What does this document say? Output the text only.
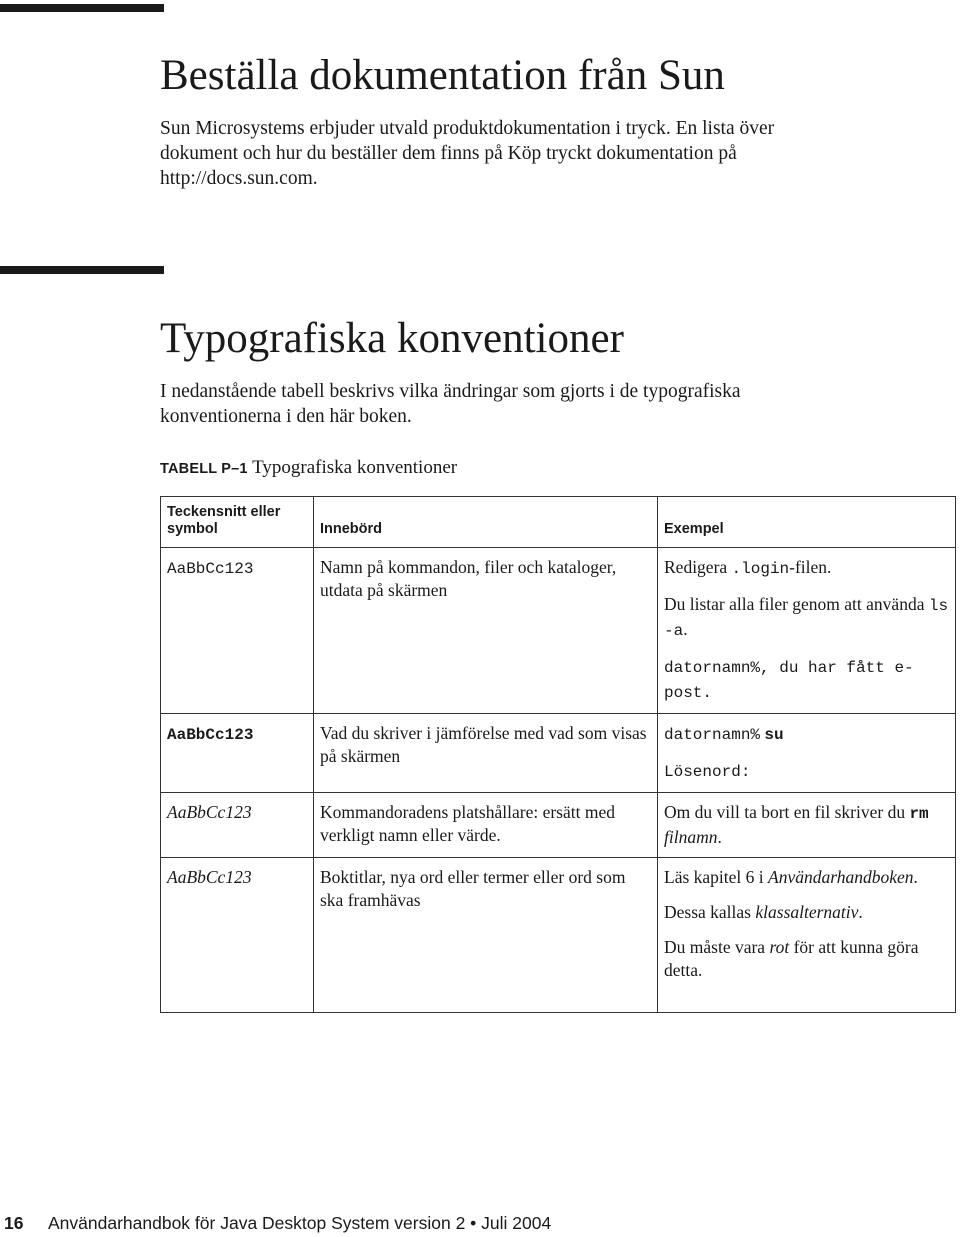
Beställa dokumentation från Sun

Sun Microsystems erbjuder utvald produktdokumentation i tryck. En lista över
dokument och hur du beställer dem finns på Köp tryckt dokumentation på
http://docs.sun.com.

Typografiska konventioner

I nedanstående tabell beskrivs vilka ändringar som gjorts i de typografiska
konventionerna i den här boken.

TABELL P–1 Typografiska konventioner
Teckensnitt eller
symbol	Innebörd	Exempel
AaBbCc123	Namn på kommandon, filer och kataloger, utdata på skärmen	Redigera .login-filen.

Du listar alla filer genom att använda ls -a.

datornamn%, du har fått e-post.

AaBbCc123	Vad du skriver i jämförelse med vad som visas på skärmen	datornamn% su

Lösenord:

AaBbCc123	Kommandoradens platshållare: ersätt med verkligt namn eller värde.	Om du vill ta bort en fil skriver du rm filnamn.

AaBbCc123	Boktitlar, nya ord eller termer eller ord som ska framhävas	Läs kapitel 6 i Användarhandboken.

Dessa kallas klassalternativ.

Du måste vara rot för att kunna göra detta.

16 Användarhandbok för Java Desktop System version 2 • Juli 2004
